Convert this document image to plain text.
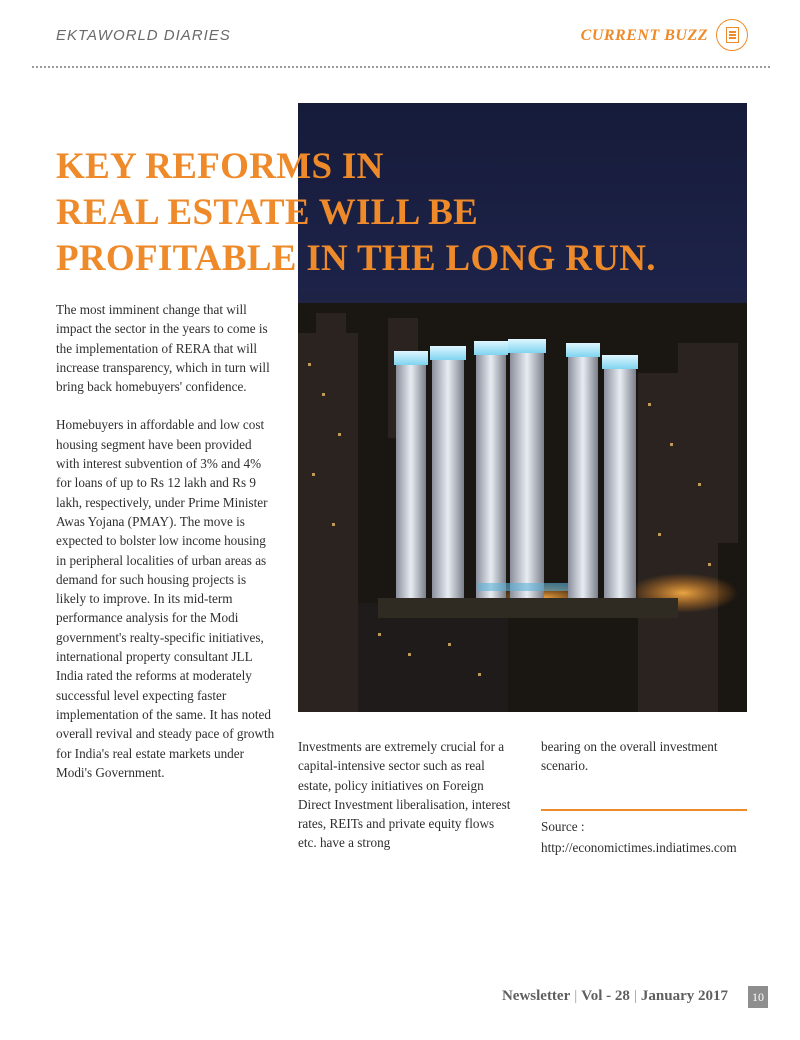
EKTAWORLD DIARIES	CURRENT BUZZ
KEY REFORMS IN
REAL ESTATE WILL BE
PROFITABLE IN THE LONG RUN.

The most imminent change that will impact the sector in the years to come is the implementation of RERA that will increase transparency, which in turn will bring back homebuyers' confidence.

Homebuyers in affordable and low cost housing segment have been provided with interest subvention of 3% and 4% for loans of up to Rs 12 lakh and Rs 9 lakh, respectively, under Prime Minister Awas Yojana (PMAY). The move is expected to bolster low income housing in peripheral localities of urban areas as demand for such housing projects is likely to improve. In its mid-term performance analysis for the Modi government's realty-specific initiatives, international property consultant JLL India rated the reforms at moderately successful level expecting faster implementation of the same. It has noted overall revival and steady pace of growth for India's real estate markets under Modi's Government.

Investments are extremely crucial for a capital-intensive sector such as real estate, policy initiatives on Foreign Direct Investment liberalisation, interest rates, REITs and private equity flows etc. have a strong
bearing on the overall investment scenario.
Source :
http://economictimes.indiatimes.com
Newsletter | Vol - 28 | January 2017	10
